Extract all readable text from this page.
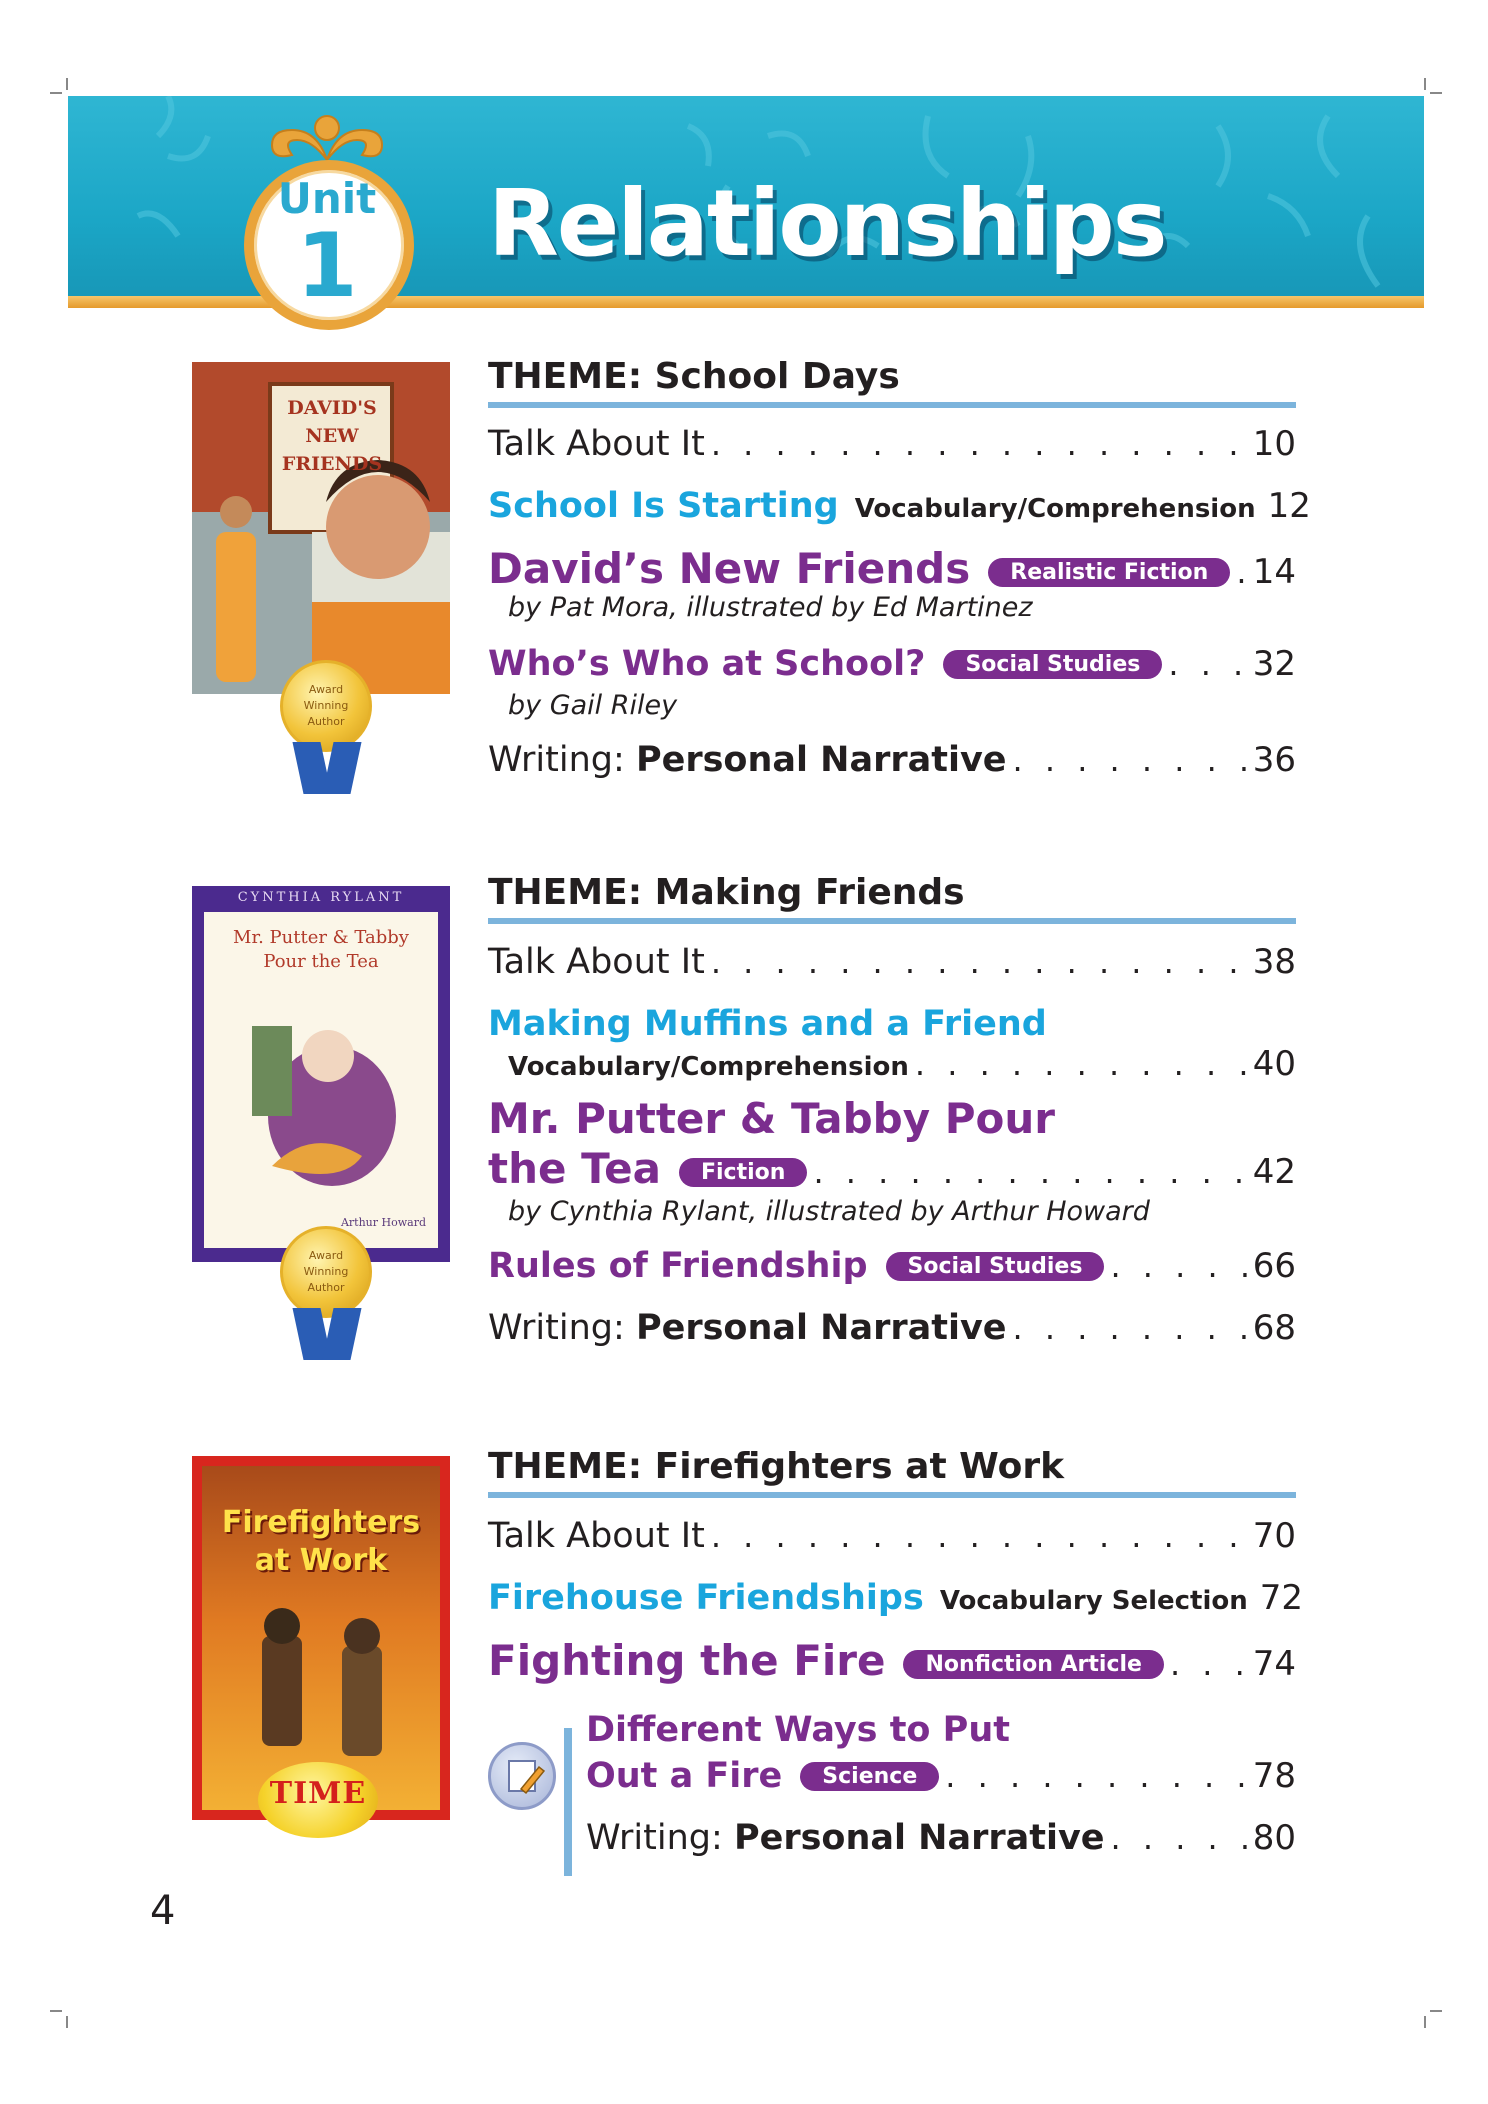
Unit
1	Relationships
DAVID'S
NEW
FRIENDS
Award
Winning
Author
THEME: School Days
Talk About It . . .	10
School Is Starting Vocabulary/Comprehension 12
David’s New Friends	Realistic Fiction . . .	14
by Pat Mora, illustrated by Ed Martinez
Who’s Who at School?	Social Studies . . .	32
by Gail Riley
Writing: Personal Narrative . . .	36
CYNTHIA RYLANT
Mr. Putter & Tabby
Pour the Tea
Arthur Howard
Award
Winning
Author
THEME: Making Friends
Talk About It . . .	38
Making Muffins and a Friend
Vocabulary/Comprehension . . .	40
Mr. Putter & Tabby Pour
the Tea	Fiction . . .	42
by Cynthia Rylant, illustrated by Arthur Howard
Rules of Friendship	Social Studies . . .	66
Writing: Personal Narrative . . .	68
Firefighters
at Work
TIME
THEME: Firefighters at Work
Talk About It . . .	70
Firehouse Friendships Vocabulary Selection 72
Fighting the Fire	Nonfiction Article . . .	74
Different Ways to Put
Out a Fire	Science . . .	78
Writing: Personal Narrative . . .	80
4
